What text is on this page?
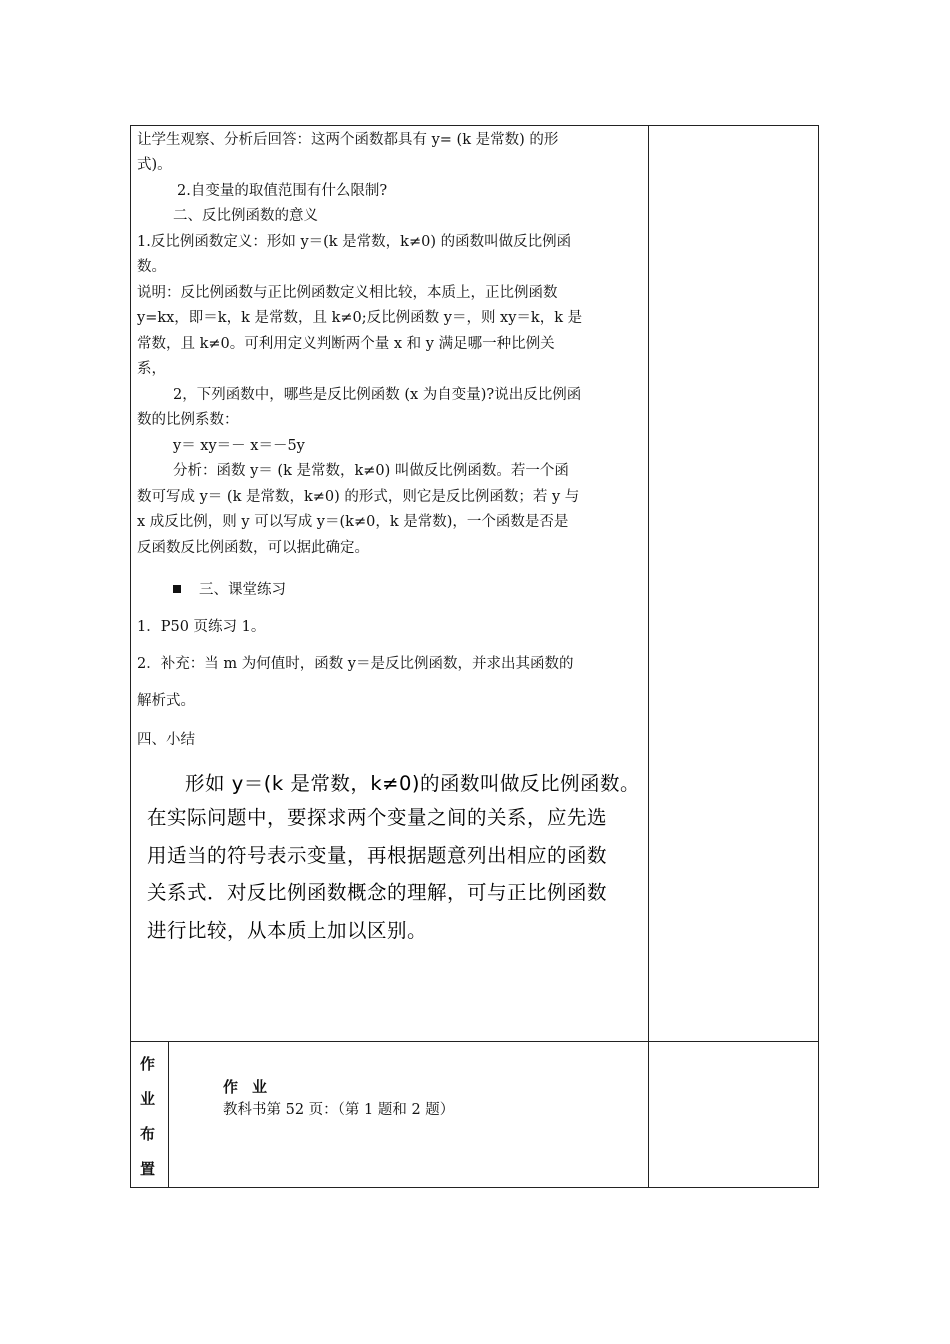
让学生观察、分析后回答：这两个函数都具有 y= (k 是常数) 的形
式)。
2.自变量的取值范围有什么限制?
二、反比例函数的意义
1.反比例函数定义：形如 y＝(k 是常数，k≠0) 的函数叫做反比例函
数。
说明：反比例函数与正比例函数定义相比较，本质上，正比例函数
y=kx，即＝k，k 是常数，且 k≠0;反比例函数 y＝，则 xy＝k，k 是
常数，且 k≠0。可利用定义判断两个量 x 和 y 满足哪一种比例关
系，
2，下列函数中，哪些是反比例函数 (x 为自变量)?说出反比例函
数的比例系数：
y＝ xy＝－ x＝－5y
分析：函数 y＝ (k 是常数，k≠0) 叫做反比例函数。若一个函
数可写成 y＝ (k 是常数，k≠0) 的形式，则它是反比例函数；若 y 与
x 成反比例，则 y 可以写成 y＝(k≠0，k 是常数)，一个函数是否是
反函数反比例函数，可以据此确定。
三、课堂练习
1．P50 页练习 1。
2．补充：当 m 为何值时，函数 y＝是反比例函数，并求出其函数的
解析式。
四、小结
形如 y＝(k 是常数，k≠0)的函数叫做反比例函数。
在实际问题中，要探求两个变量之间的关系，应先选
用适当的符号表示变量，再根据题意列出相应的函数
关系式．对反比例函数概念的理解，可与正比例函数
进行比较，从本质上加以区别。
作
业
布
置
作业
教科书第 52 页：（第 1 题和 2 题）
